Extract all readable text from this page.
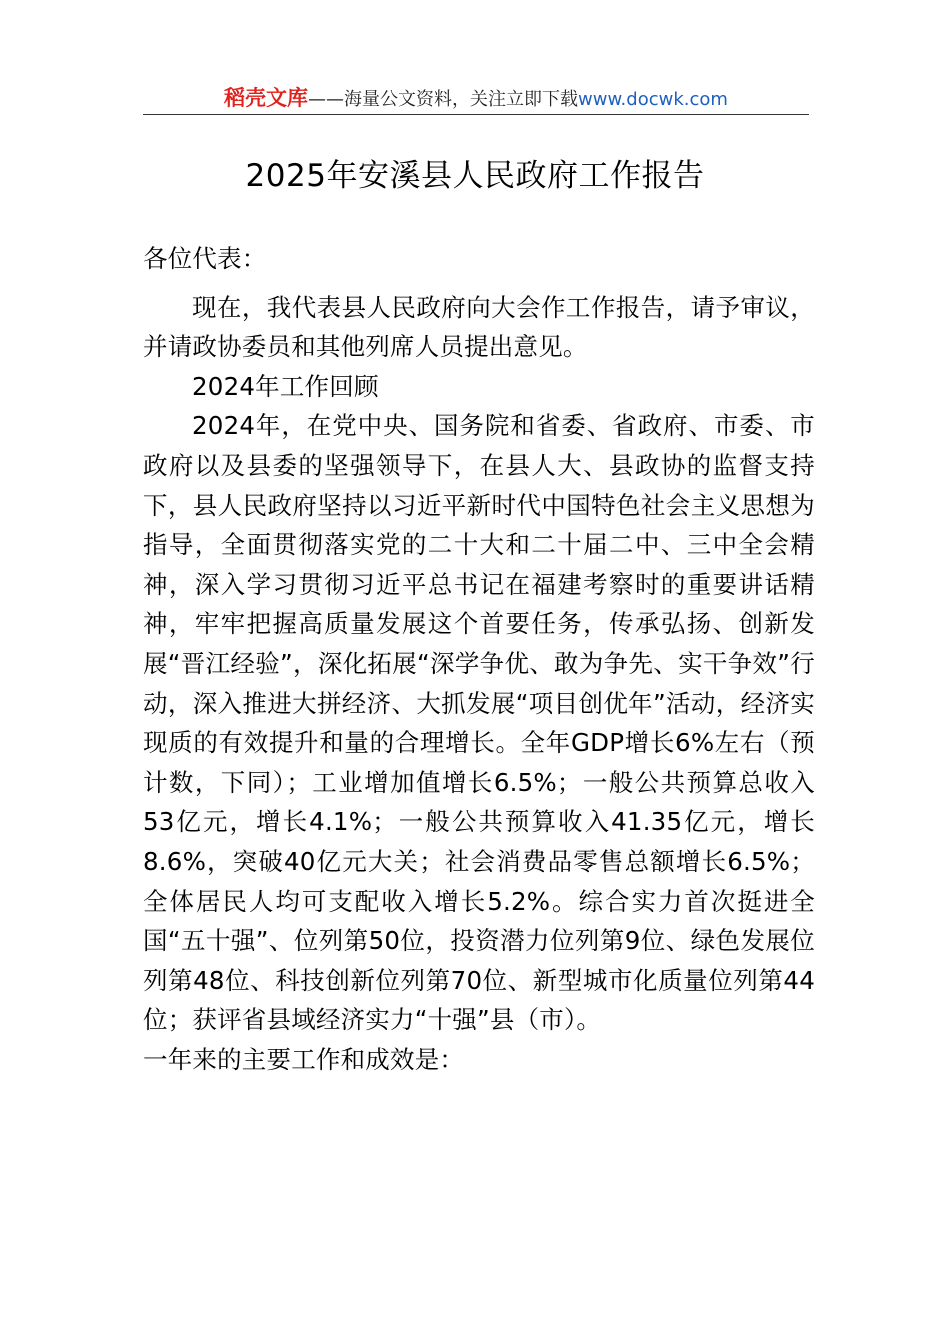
稻壳文库——海量公文资料，关注立即下载www.docwk.com
2025年安溪县人民政府工作报告

各位代表：

现在，我代表县人民政府向大会作工作报告，请予审议，并请政协委员和其他列席人员提出意见。

2024年工作回顾

2024年，在党中央、国务院和省委、省政府、市委、市政府以及县委的坚强领导下，在县人大、县政协的监督支持下，县人民政府坚持以习近平新时代中国特色社会主义思想为指导，全面贯彻落实党的二十大和二十届二中、三中全会精神，深入学习贯彻习近平总书记在福建考察时的重要讲话精神，牢牢把握高质量发展这个首要任务，传承弘扬、创新发展“晋江经验”，深化拓展“深学争优、敢为争先、实干争效”行动，深入推进大拼经济、大抓发展“项目创优年”活动，经济实现质的有效提升和量的合理增长。全年GDP增长6%左右（预计数，下同）；工业增加值增长6.5%；一般公共预算总收入53亿元，增长4.1%；一般公共预算收入41.35亿元，增长8.6%，突破40亿元大关；社会消费品零售总额增长6.5%；全体居民人均可支配收入增长5.2%。综合实力首次挺进全国“五十强”、位列第50位，投资潜力位列第9位、绿色发展位列第48位、科技创新位列第70位、新型城市化质量位列第44位；获评省县域经济实力“十强”县（市）。

一年来的主要工作和成效是：
